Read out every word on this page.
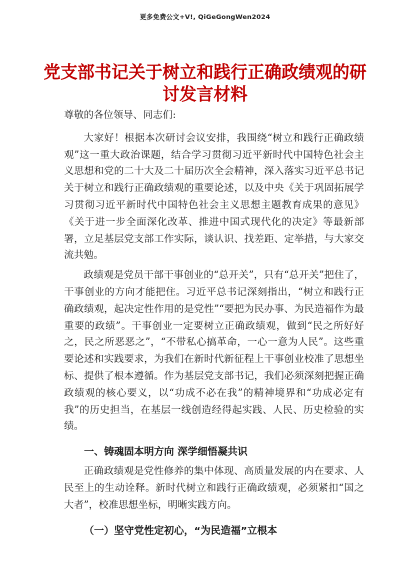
更多免费公文+V!, QiGeGongWen2024
党支部书记关于树立和践行正确政绩观的研讨发言材料

尊敬的各位领导、同志们:

大家好！根据本次研讨会议安排，我围绕“树立和践行正确政绩观”这一重大政治课题，结合学习贯彻习近平新时代中国特色社会主义思想和党的二十大及二十届历次全会精神，深入落实习近平总书记关于树立和践行正确政绩观的重要论述，以及中央《关于巩固拓展学习贯彻习近平新时代中国特色社会主义思想主题教育成果的意见》《关于进一步全面深化改革、推进中国式现代化的决定》等最新部署，立足基层党支部工作实际，谈认识、找差距、定举措，与大家交流共勉。

政绩观是党员干部干事创业的“总开关”，只有“总开关”把住了，干事创业的方向才能把住。习近平总书记深刻指出，“树立和践行正确政绩观，起决定性作用的是党性”“要把为民办事、为民造福作为最重要的政绩”。干事创业一定要树立正确政绩观，做到“民之所好好之，民之所恶恶之”，“不带私心搞革命，一心一意为人民”。这些重要论述和实践要求，为我们在新时代新征程上干事创业校准了思想坐标、提供了根本遵循。作为基层党支部书记，我们必须深刻把握正确政绩观的核心要义，以“功成不必在我”的精神境界和“功成必定有我”的历史担当，在基层一线创造经得起实践、人民、历史检验的实绩。

一、铸魂固本明方向 深学细悟凝共识

正确政绩观是党性修养的集中体现、高质量发展的内在要求、人民至上的生动诠释。新时代树立和践行正确政绩观，必须紧扣“国之大者”，校准思想坐标，明晰实践方向。

（一）坚守党性定初心，“为民造福”立根本
